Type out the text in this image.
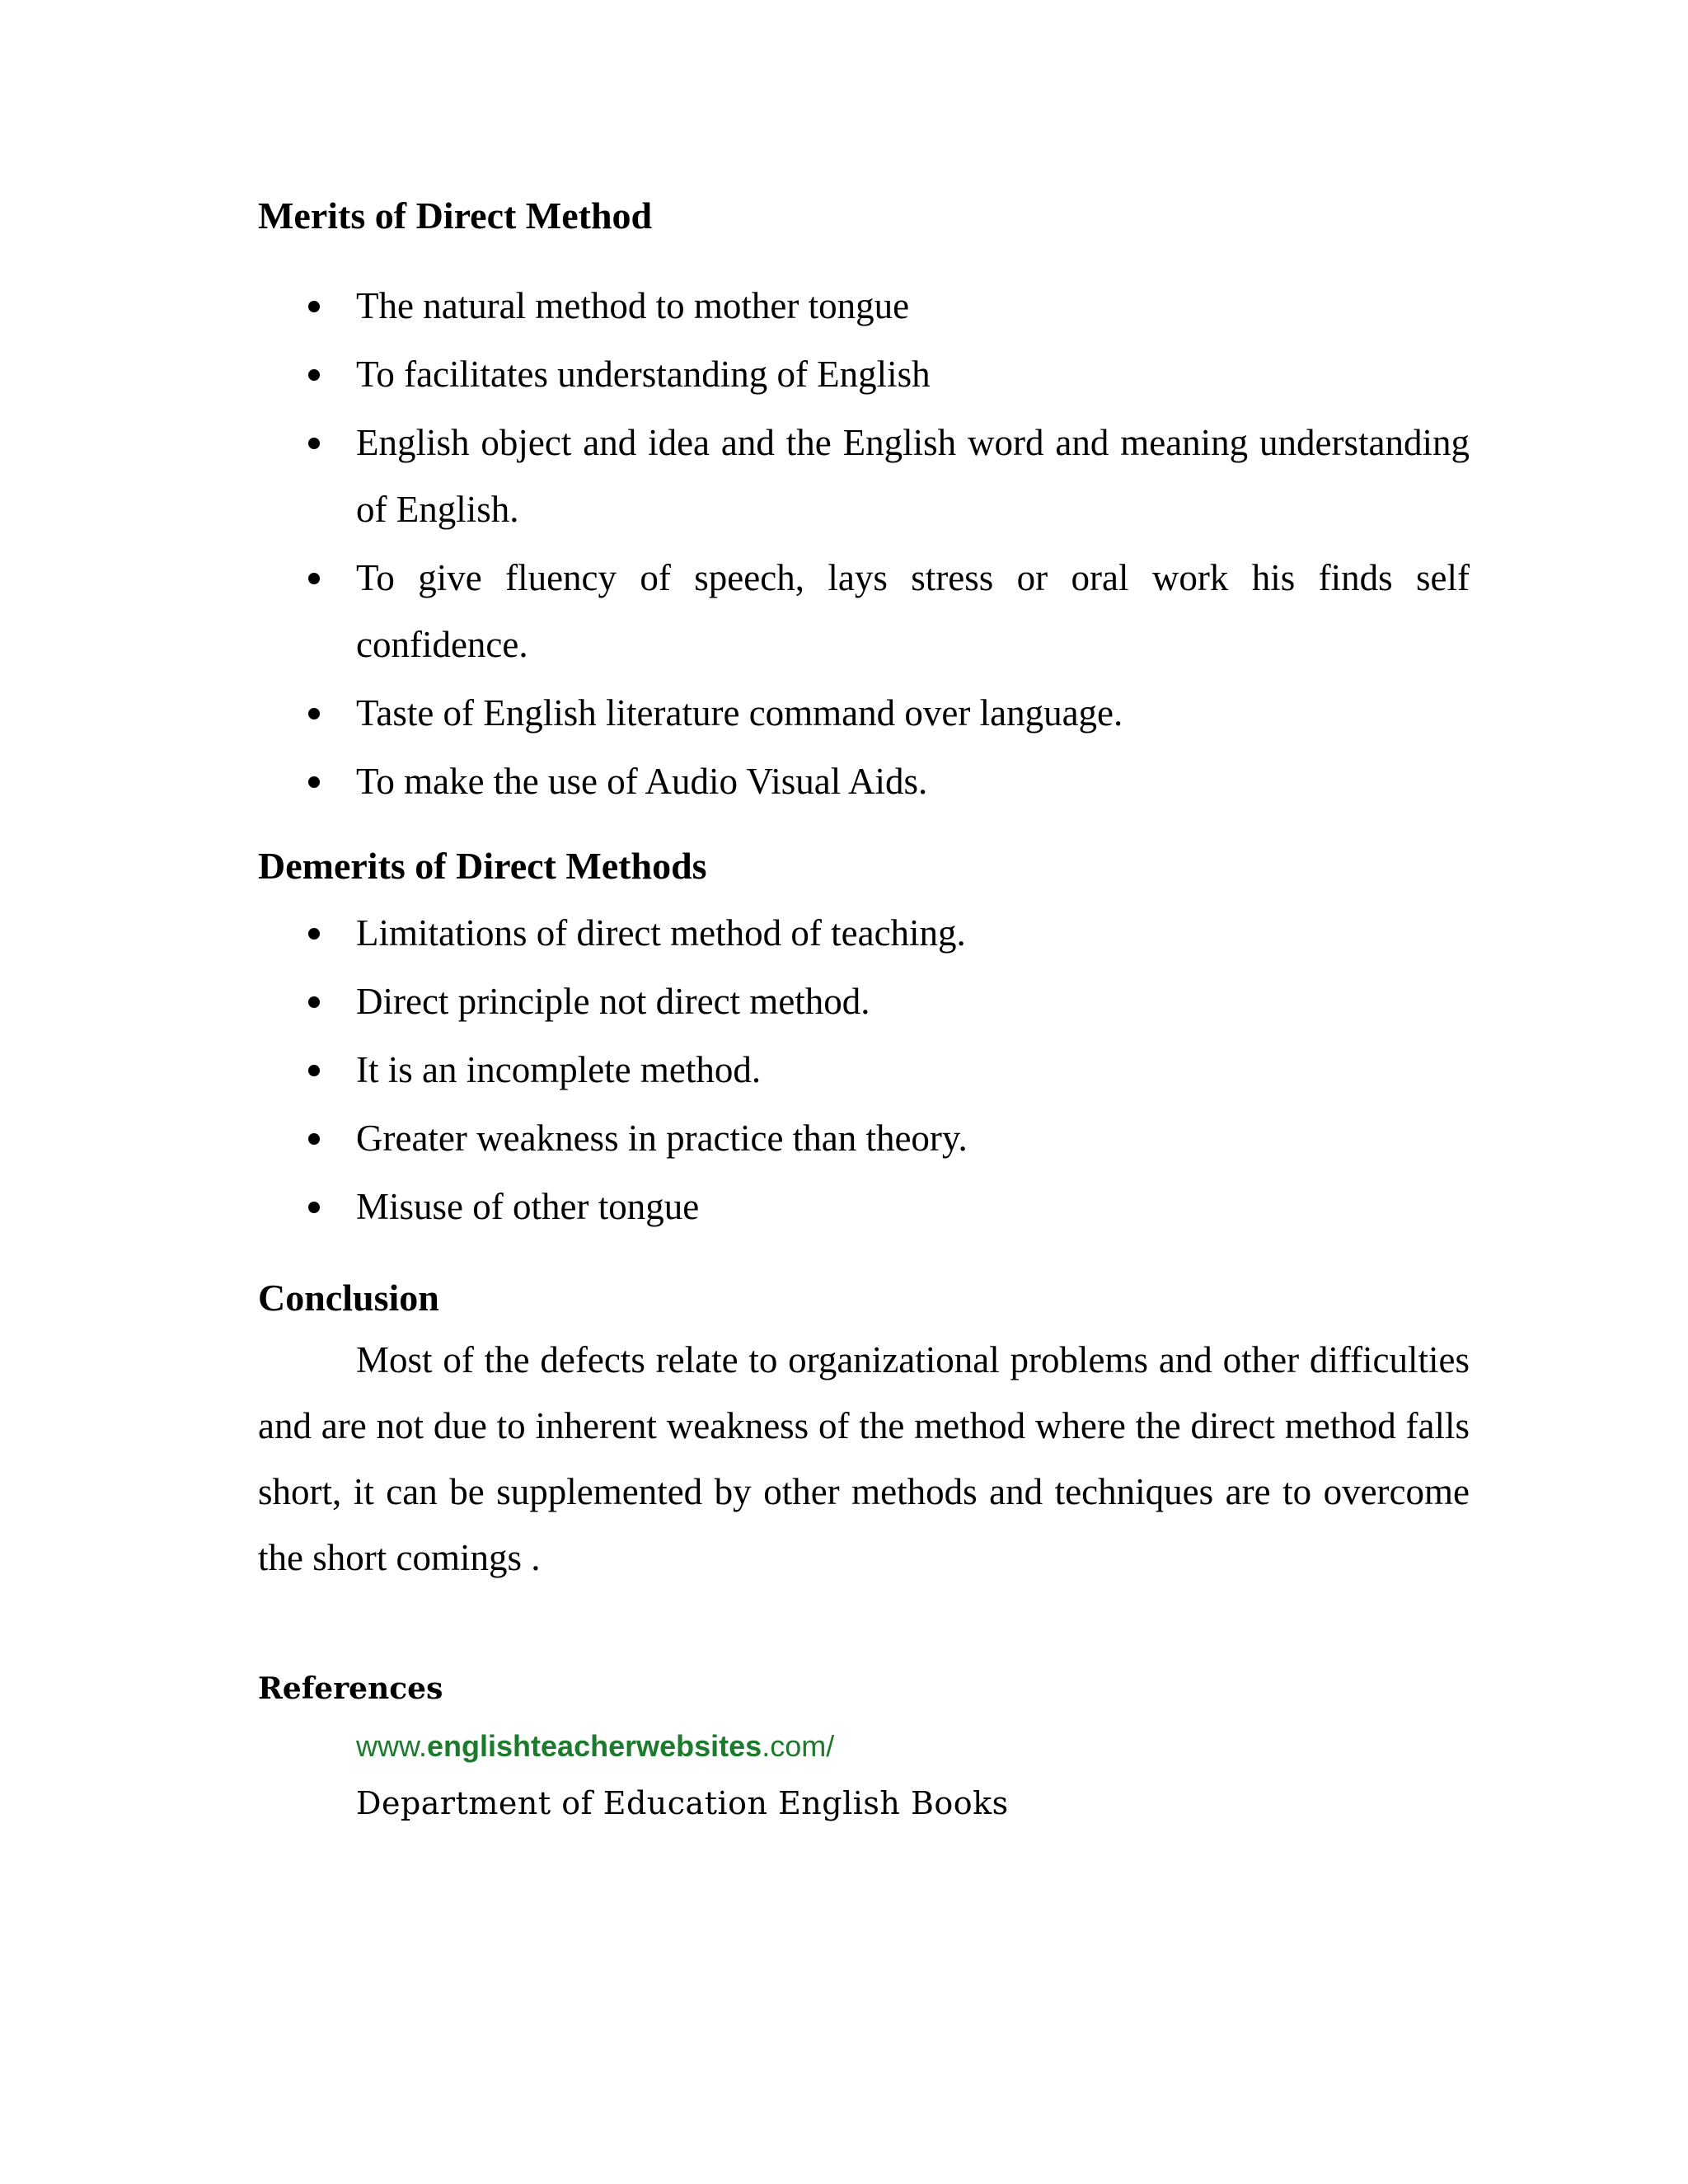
Merits of Direct Method
The natural method to mother tongue
To facilitates understanding of English
English object and idea and the English word and meaning understanding of English.
To give fluency of speech, lays stress or oral work his finds self confidence.
Taste of English literature command over language.
To make the use of Audio Visual Aids.
Demerits of Direct Methods
Limitations of direct method of teaching.
Direct principle not direct method.
It is an incomplete method.
Greater weakness in practice than theory.
Misuse of other tongue
Conclusion

Most of the defects relate to organizational problems and other difficulties and are not due to inherent weakness of the method where the direct method falls short, it can be supplemented by other methods and techniques are to overcome the short comings .

References
www.englishteacherwebsites.com/
Department of Education English Books
